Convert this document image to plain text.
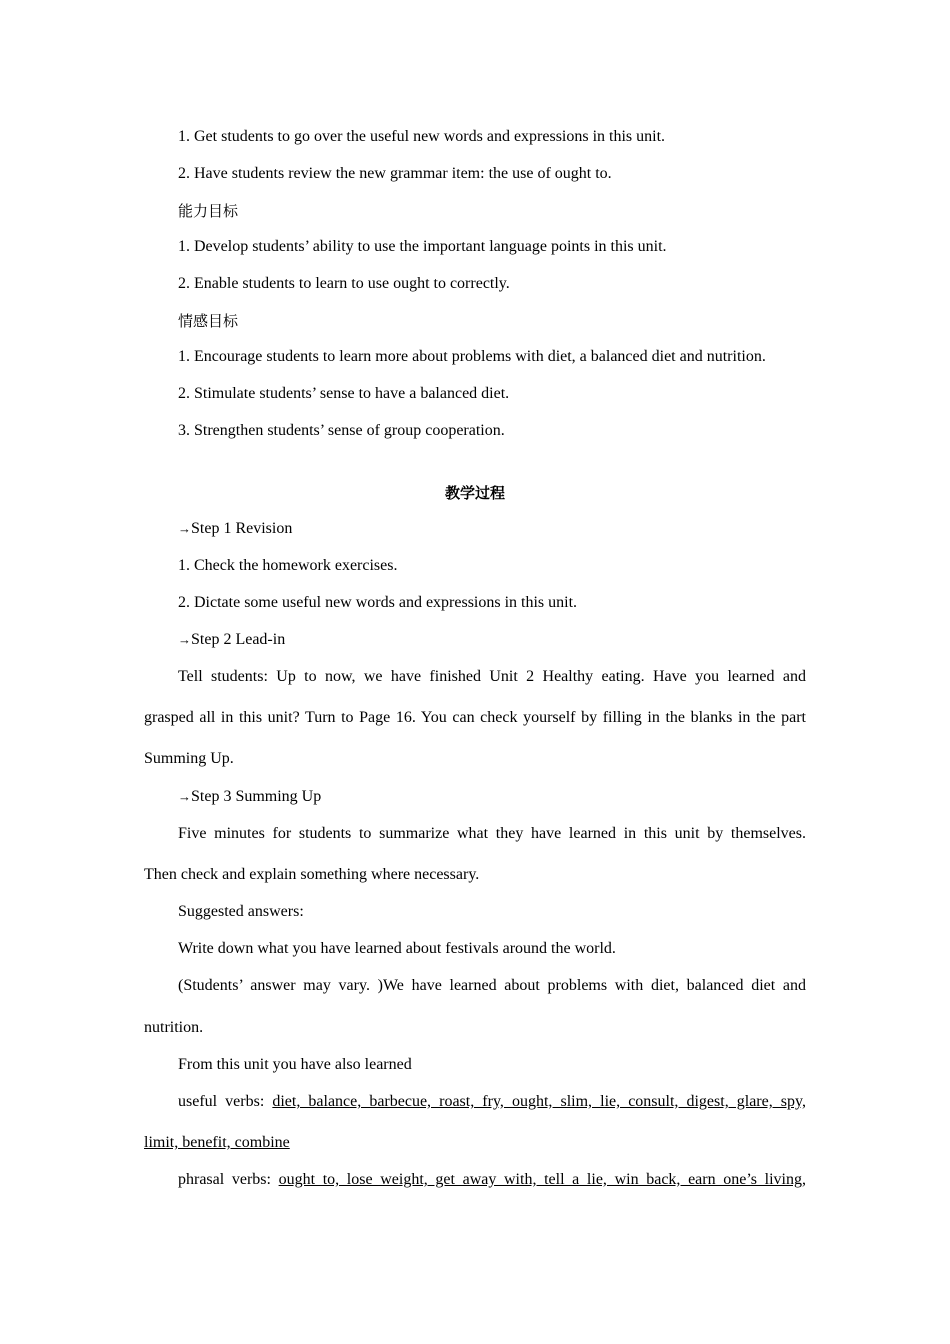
1. Get students to go over the useful new words and expressions in this unit.
2. Have students review the new grammar item: the use of ought to.
能力目标
1. Develop students’ ability to use the important language points in this unit.
2. Enable students to learn to use ought to correctly.
情感目标
1. Encourage students to learn more about problems with diet, a balanced diet and nutrition.
2. Stimulate students’ sense to have a balanced diet.
3. Strengthen students’ sense of group cooperation.
教学过程
→Step 1 Revision
1. Check the homework exercises.
2. Dictate some useful new words and expressions in this unit.
→Step 2 Lead-in
Tell students: Up to now, we have finished Unit 2 Healthy eating. Have you learned and
grasped all in this unit? Turn to Page 16. You can check yourself by filling in the blanks in the part
Summing Up.
→Step 3 Summing Up
Five minutes for students to summarize what they have learned in this unit by themselves.
Then check and explain something where necessary.
Suggested answers:
Write down what you have learned about festivals around the world.
(Students’ answer may vary. )We have learned about problems with diet, balanced diet and
nutrition.
From this unit you have also learned
useful verbs: diet, balance, barbecue, roast, fry, ought, slim, lie, consult, digest, glare, spy,
limit, benefit, combine
phrasal verbs: ought to, lose weight, get away with, tell a lie, win back, earn one’s living,
